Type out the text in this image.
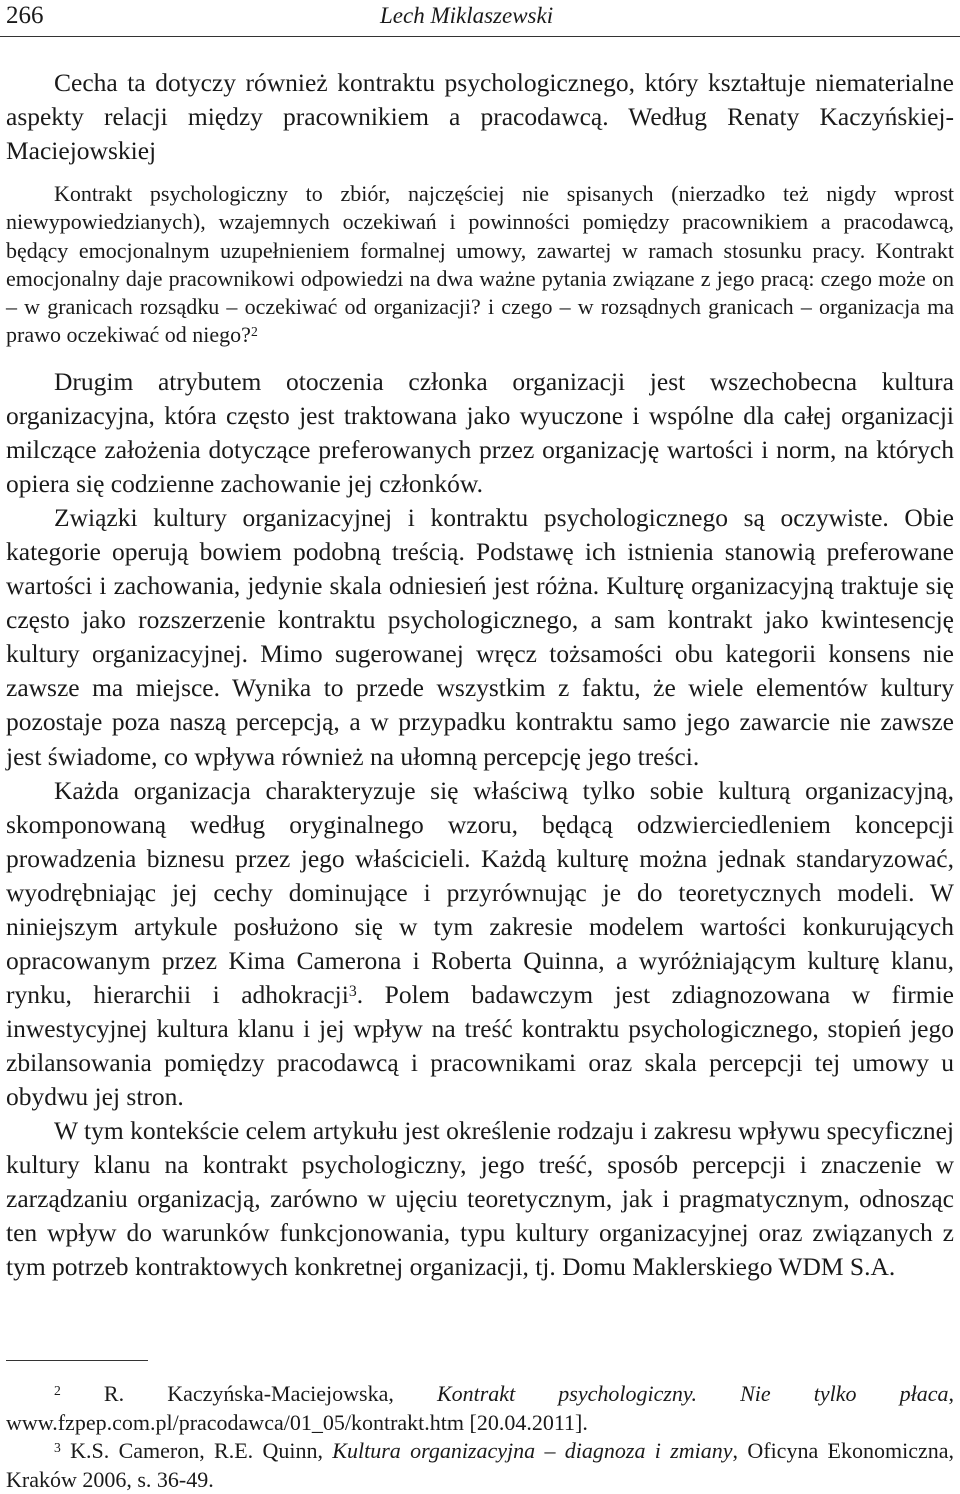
266	Lech Miklaszewski

Cecha ta dotyczy również kontraktu psychologicznego, który kształtuje niematerialne aspekty relacji między pracownikiem a pracodawcą. Według Renaty Kaczyńskiej-Maciejowskiej

Kontrakt psychologiczny to zbiór, najczęściej nie spisanych (nierzadko też nigdy wprost niewypowiedzianych), wzajemnych oczekiwań i powinności pomiędzy pracownikiem a pracodawcą, będący emocjonalnym uzupełnieniem formalnej umowy, zawartej w ramach stosunku pracy. Kontrakt emocjonalny daje pracownikowi odpowiedzi na dwa ważne pytania związane z jego pracą: czego może on – w granicach rozsądku – oczekiwać od organizacji? i czego – w rozsądnych granicach – organizacja ma prawo oczekiwać od niego?$^2$

Drugim atrybutem otoczenia członka organizacji jest wszechobecna kultura organizacyjna, która często jest traktowana jako wyuczone i wspólne dla całej organizacji milczące założenia dotyczące preferowanych przez organizację wartości i norm, na których opiera się codzienne zachowanie jej członków.

Związki kultury organizacyjnej i kontraktu psychologicznego są oczywiste. Obie kategorie operują bowiem podobną treścią. Podstawę ich istnienia stanowią preferowane wartości i zachowania, jedynie skala odniesień jest różna. Kulturę organizacyjną traktuje się często jako rozszerzenie kontraktu psychologicznego, a sam kontrakt jako kwintesencję kultury organizacyjnej. Mimo sugerowanej wręcz tożsamości obu kategorii konsens nie zawsze ma miejsce. Wynika to przede wszystkim z faktu, że wiele elementów kultury pozostaje poza naszą percepcją, a w przypadku kontraktu samo jego zawarcie nie zawsze jest świadome, co wpływa również na ułomną percepcję jego treści.

Każda organizacja charakteryzuje się właściwą tylko sobie kulturą organizacyjną, skomponowaną według oryginalnego wzoru, będącą odzwierciedleniem koncepcji prowadzenia biznesu przez jego właścicieli. Każdą kulturę można jednak standaryzować, wyodrębniając jej cechy dominujące i przyrównując je do teoretycznych modeli. W niniejszym artykule posłużono się w tym zakresie modelem wartości konkurujących opracowanym przez Kima Camerona i Roberta Quinna, a wyróżniającym kulturę klanu, rynku, hierarchii i adhokracji$^3$. Polem badawczym jest zdiagnozowana w firmie inwestycyjnej kultura klanu i jej wpływ na treść kontraktu psychologicznego, stopień jego zbilansowania pomiędzy pracodawcą i pracownikami oraz skala percepcji tej umowy u obydwu jej stron.

W tym kontekście celem artykułu jest określenie rodzaju i zakresu wpływu specyficznej kultury klanu na kontrakt psychologiczny, jego treść, sposób percepcji i znaczenie w zarządzaniu organizacją, zarówno w ujęciu teoretycznym, jak i pragmatycznym, odnosząc ten wpływ do warunków funkcjonowania, typu kultury organizacyjnej oraz związanych z tym potrzeb kontraktowych konkretnej organizacji, tj. Domu Maklerskiego WDM S.A.

$^2$ R. Kaczyńska-Maciejowska, Kontrakt psychologiczny. Nie tylko płaca, www.fzpep.com.pl/pracodawca/01_05/kontrakt.htm [20.04.2011].

$^3$ K.S. Cameron, R.E. Quinn, Kultura organizacyjna – diagnoza i zmiany, Oficyna Ekonomiczna, Kraków 2006, s. 36-49.
